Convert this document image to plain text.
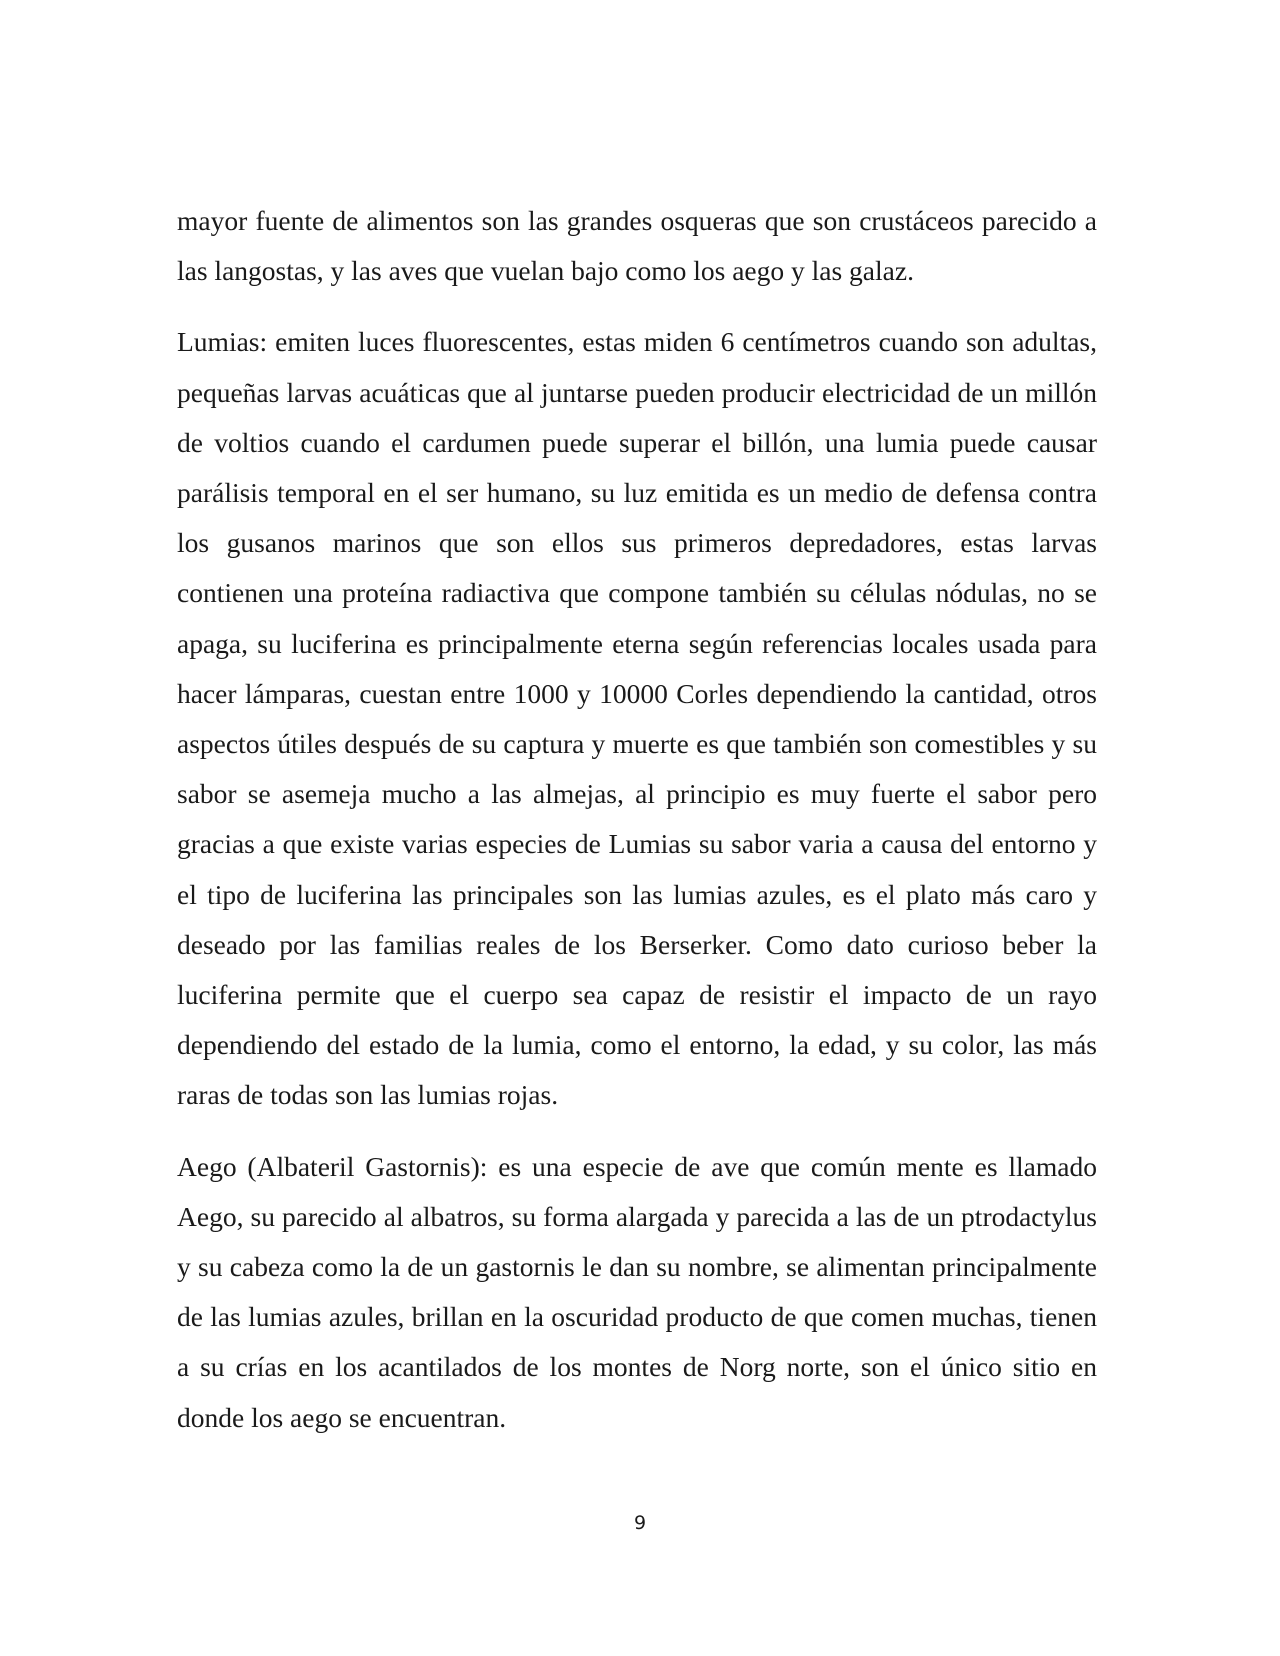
mayor fuente de alimentos son las grandes osqueras que son crustáceos parecido a las langostas, y las aves que vuelan bajo como los aego y las galaz.

Lumias: emiten luces fluorescentes, estas miden 6 centímetros cuando son adultas, pequeñas larvas acuáticas que al juntarse pueden producir electricidad de un millón de voltios cuando el cardumen puede superar el billón, una lumia puede causar parálisis temporal en el ser humano, su luz emitida es un medio de defensa contra los gusanos marinos que son ellos sus primeros depredadores, estas larvas contienen una proteína radiactiva que compone también su células nódulas, no se apaga, su luciferina es principalmente eterna según referencias locales usada para hacer lámparas, cuestan entre 1000 y 10000 Corles dependiendo la cantidad, otros aspectos útiles después de su captura y muerte es que también son comestibles y su sabor se asemeja mucho a las almejas, al principio es muy fuerte el sabor pero gracias a que existe varias especies de Lumias su sabor varia a causa del entorno y el tipo de luciferina las principales son las lumias azules, es el plato más caro y deseado por las familias reales de los Berserker. Como dato curioso beber la luciferina permite que el cuerpo sea capaz de resistir el impacto de un rayo dependiendo del estado de la lumia, como el entorno, la edad, y su color, las más raras de todas son las lumias rojas.

Aego (Albateril Gastornis): es una especie de ave que común mente es llamado Aego, su parecido al albatros, su forma alargada y parecida a las de un ptrodactylus y su cabeza como la de un gastornis le dan su nombre, se alimentan principalmente de las lumias azules, brillan en la oscuridad producto de que comen muchas, tienen a su crías en los acantilados de los montes de Norg norte, son el único sitio en donde los aego se encuentran.

9
